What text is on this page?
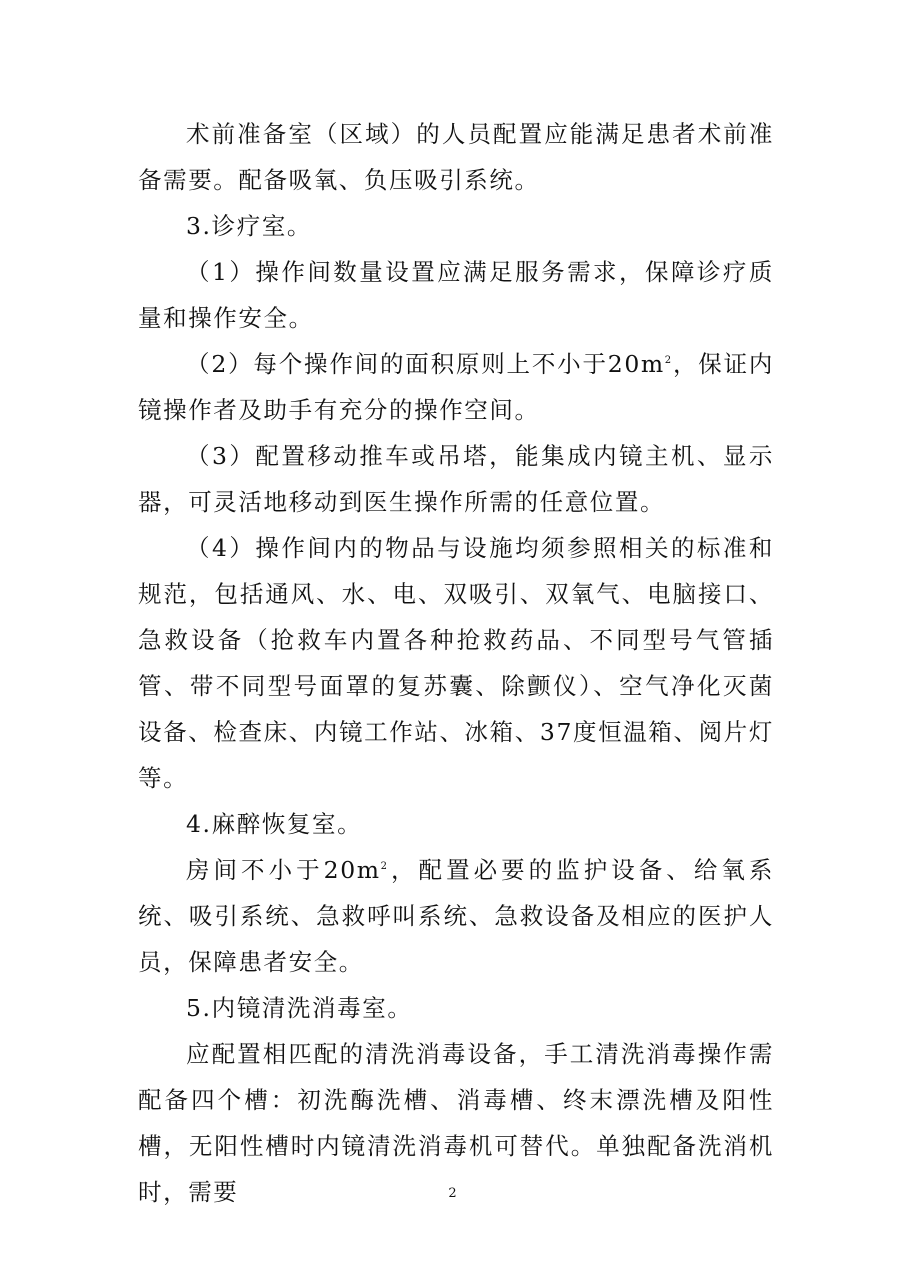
术前准备室（区域）的人员配置应能满足患者术前准备需要。配备吸氧、负压吸引系统。

3.诊疗室。

（1）操作间数量设置应满足服务需求，保障诊疗质量和操作安全。

（2）每个操作间的面积原则上不小于$20m^2$，保证内镜操作者及助手有充分的操作空间。

（3）配置移动推车或吊塔，能集成内镜主机、显示器，可灵活地移动到医生操作所需的任意位置。

（4）操作间内的物品与设施均须参照相关的标准和规范，包括通风、水、电、双吸引、双氧气、电脑接口、急救设备（抢救车内置各种抢救药品、不同型号气管插管、带不同型号面罩的复苏囊、除颤仪）、空气净化灭菌设备、检查床、内镜工作站、冰箱、37度恒温箱、阅片灯等。

4.麻醉恢复室。

房间不小于$20m^2$，配置必要的监护设备、给氧系统、吸引系统、急救呼叫系统、急救设备及相应的医护人员，保障患者安全。

5.内镜清洗消毒室。

应配置相匹配的清洗消毒设备，手工清洗消毒操作需配备四个槽：初洗酶洗槽、消毒槽、终末漂洗槽及阳性槽，无阳性槽时内镜清洗消毒机可替代。单独配备洗消机时，需要	2
